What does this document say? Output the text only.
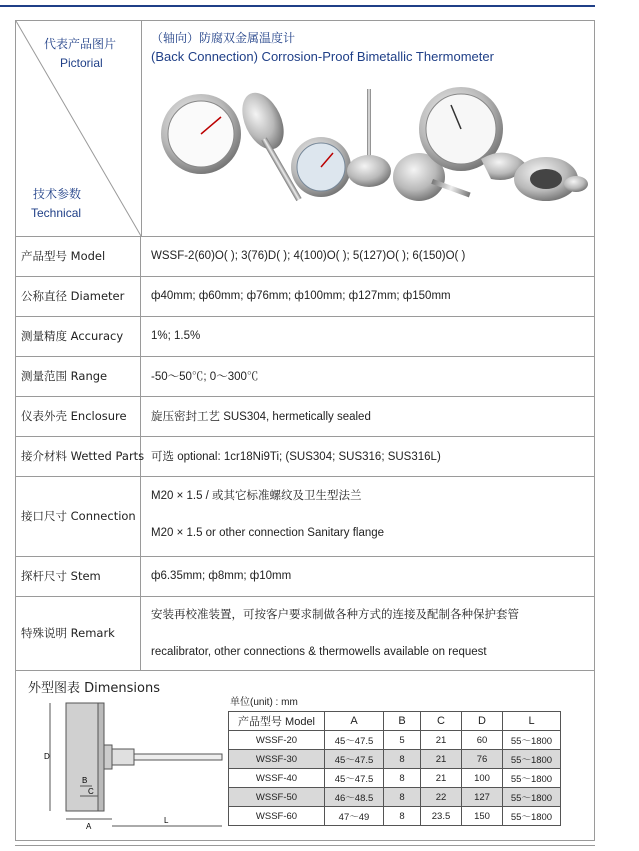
代表产品图片
Pictorial
技术参数
Technical
（轴向）防腐双金属温度计
(Back Connection) Corrosion-Proof Bimetallic Thermometer
产品型号 Model	WSSF-2(60)O( ); 3(76)D( ); 4(100)O( ); 5(127)O( ); 6(150)O( )
公称直径 Diameter	ф40mm; ф60mm; ф76mm; ф100mm; ф127mm; ф150mm
测量精度 Accuracy	1%; 1.5%
测量范围 Range	-50～50℃; 0～300℃
仪表外壳 Enclosure	旋压密封工艺 SUS304, hermetically sealed
接介材料 Wetted Parts 可选 optional: 1cr18Ni9Ti; (SUS304; SUS316; SUS316L)
接口尺寸 Connection
M20 × 1.5 / 或其它标准螺纹及卫生型法兰
M20 × 1.5 or other connection Sanitary flange
探杆尺寸 Stem	ф6.35mm; ф8mm; ф10mm
特殊说明 Remark
安装再校准装置，可按客户要求制做各种方式的连接及配制各种保护套管
recalibrator, other connections & thermowells available on request
外型图表 Dimensions
单位(unit) : mm
D
B
C
A
L
产品型号 Model	A	B	C	D	L
WSSF-20	45～47.5	5	21	60	55～1800
WSSF-30	45～47.5	8	21	76	55～1800
WSSF-40	45～47.5	8	21	100	55～1800
WSSF-50	46～48.5	8	22	127	55～1800
WSSF-60	47～49	8	23.5	150	55～1800
